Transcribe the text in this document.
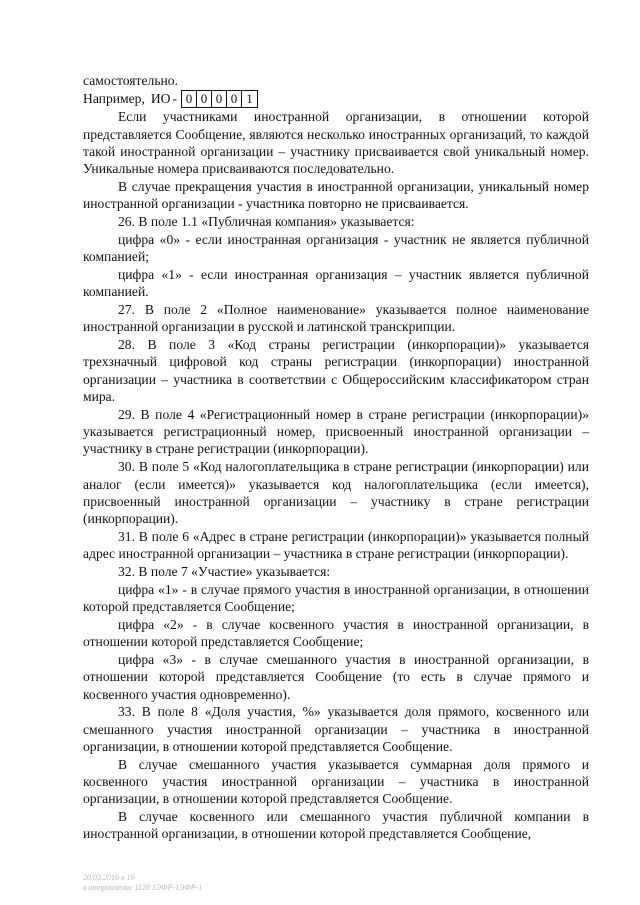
самостоятельно.

Например, ИО - 0 0 0 0 1

Если участниками иностранной организации, в отношении которой представляется Сообщение, являются несколько иностранных организаций, то каждой такой иностранной организации – участнику присваивается свой уникальный номер. Уникальные номера присваиваются последовательно.

В случае прекращения участия в иностранной организации, уникальный номер иностранной организации - участника повторно не присваивается.

26. В поле 1.1 «Публичная компания» указывается:

цифра «0» - если иностранная организация - участник не является публичной компанией;

цифра «1» - если иностранная организация – участник является публичной компанией.

27. В поле 2 «Полное наименование» указывается полное наименование иностранной организации в русской и латинской транскрипции.

28. В поле 3 «Код страны регистрации (инкорпорации)» указывается трехзначный цифровой код страны регистрации (инкорпорации) иностранной организации – участника в соответствии с Общероссийским классификатором стран мира.

29. В поле 4 «Регистрационный номер в стране регистрации (инкорпорации)» указывается регистрационный номер, присвоенный иностранной организации – участнику в стране регистрации (инкорпорации).

30. В поле 5 «Код налогоплательщика в стране регистрации (инкорпорации) или аналог (если имеется)» указывается код налогоплательщика (если имеется), присвоенный иностранной организации – участнику в стране регистрации (инкорпорации).

31. В поле 6 «Адрес в стране регистрации (инкорпорации)» указывается полный адрес иностранной организации – участника в стране регистрации (инкорпорации).

32. В поле 7 «Участие» указывается:

цифра «1» - в случае прямого участия в иностранной организации, в отношении которой представляется Сообщение;

цифра «2» - в случае косвенного участия в иностранной организации, в отношении которой представляется Сообщение;

цифра «3» - в случае смешанного участия в иностранной организации, в отношении которой представляется Сообщение (то есть в случае прямого и косвенного участия одновременно).

33. В поле 8 «Доля участия, %» указывается доля прямого, косвенного или смешанного участия иностранной организации – участника в иностранной организации, в отношении которой представляется Сообщение.

В случае смешанного участия указывается суммарная доля прямого и косвенного участия иностранной организации – участника в иностранной организации, в отношении которой представляется Сообщение.

В случае косвенного или смешанного участия публичной компании в иностранной организации, в отношении которой представляется Сообщение,

20.03.2016 в 19
в отправление 1128 1ЭФР-1ЭФР-1
